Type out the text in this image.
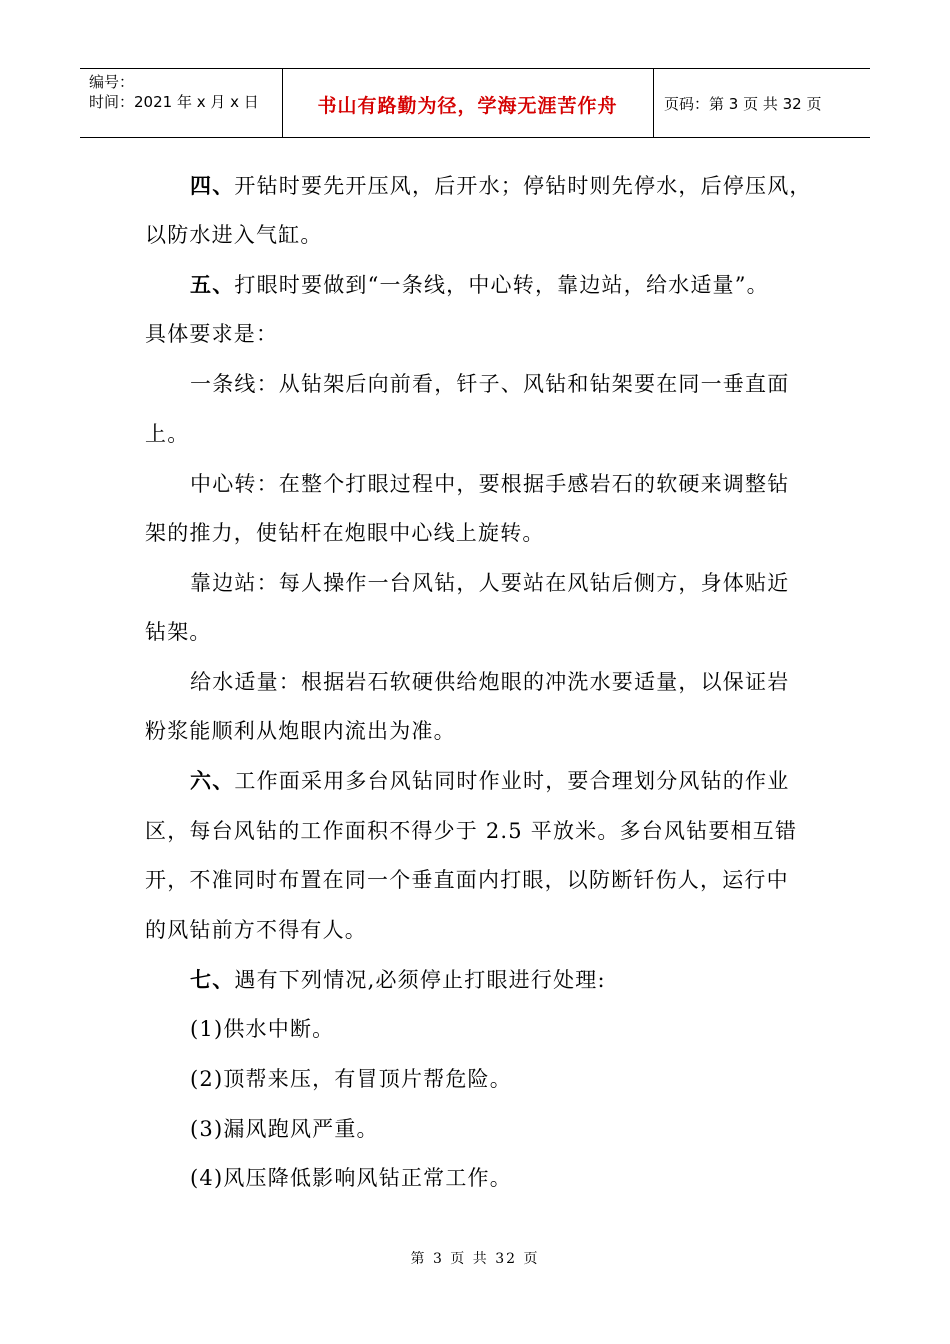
编号：
时间：2021 年 x 月 x 日	书山有路勤为径，学海无涯苦作舟	页码：第 3 页 共 32 页
四、开钻时要先开压风，后开水；停钻时则先停水，后停压风，
以防水进入气缸。
五、打眼时要做到“一条线，中心转，靠边站，给水适量”。
具体要求是：
一条线：从钻架后向前看，钎子、风钻和钻架要在同一垂直面
上。
中心转：在整个打眼过程中，要根据手感岩石的软硬来调整钻
架的推力，使钻杆在炮眼中心线上旋转。
靠边站：每人操作一台风钻，人要站在风钻后侧方，身体贴近
钻架。
给水适量：根据岩石软硬供给炮眼的冲洗水要适量，以保证岩
粉浆能顺利从炮眼内流出为准。
六、工作面采用多台风钻同时作业时，要合理划分风钻的作业
区，每台风钻的工作面积不得少于 2.5 平放米。多台风钻要相互错
开，不准同时布置在同一个垂直面内打眼，以防断钎伤人，运行中
的风钻前方不得有人。
七、遇有下列情况,必须停止打眼进行处理:
(1)供水中断。
(2)顶帮来压，有冒顶片帮危险。
(3)漏风跑风严重。
(4)风压降低影响风钻正常工作。
第 3 页 共 32 页
